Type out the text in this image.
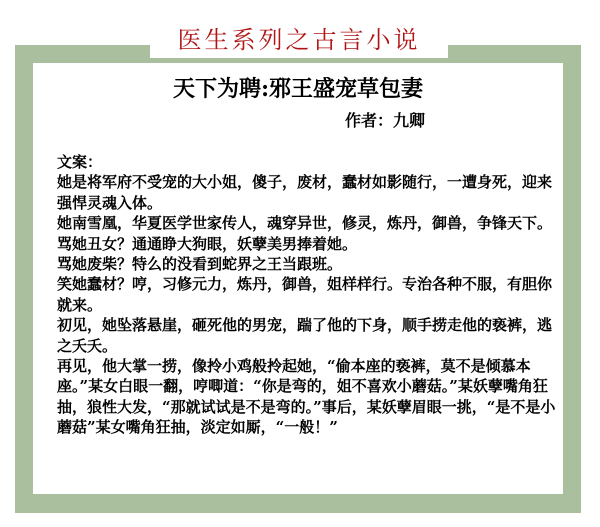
医生系列之古言小说
天下为聘:邪王盛宠草包妻
作者：九卿

文案：

她是将军府不受宠的大小姐，傻子，废材，蠢材如影随行，一遭身死，迎来强悍灵魂入体。

她南雪凰，华夏医学世家传人，魂穿异世，修灵，炼丹，御兽，争锋天下。

骂她丑女？通通睁大狗眼，妖孽美男捧着她。

骂她废柴？特么的没看到蛇界之王当跟班。

笑她蠢材？哼，习修元力，炼丹，御兽，姐样样行。专治各种不服，有胆你就来。

初见，她坠落悬崖，砸死他的男宠，踹了他的下身，顺手捞走他的亵裤，逃之夭夭。

再见，他大掌一捞，像拎小鸡般拎起她，“偷本座的亵裤，莫不是倾慕本座。”某女白眼一翻，哼唧道：“你是弯的，姐不喜欢小蘑菇。”某妖孽嘴角狂抽，狼性大发，“那就试试是不是弯的。”事后，某妖孽眉眼一挑，“是不是小蘑菇”某女嘴角狂抽，淡定如厮，“一般！”
